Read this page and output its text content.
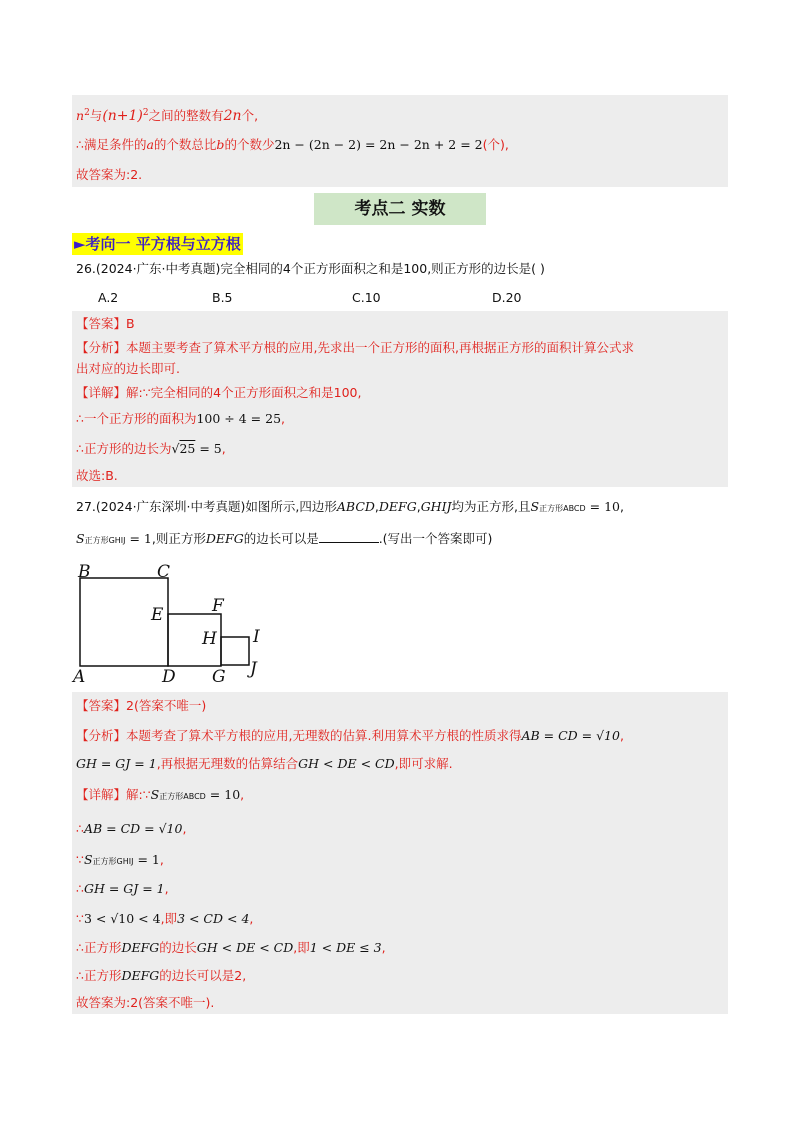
$n^2$与$(n+1)^2$之间的整数有2n个,
∴满足条件的a的个数总比b的个数少2n − (2n − 2) = 2n − 2n + 2 = 2(个),
故答案为:2.
考点二 实数
►考向一 平方根与立方根
26.(2024·广东·中考真题)完全相同的4个正方形面积之和是100,则正方形的边长是( )
A.2	B.5	C.10	D.20
【答案】B
【分析】本题主要考查了算术平方根的应用,先求出一个正方形的面积,再根据正方形的面积计算公式求
出对应的边长即可.
【详解】解:∵完全相同的4个正方形面积之和是100,
∴一个正方形的面积为100 ÷ 4 = 25,
∴正方形的边长为√25 = 5,
故选:B.
27.(2024·广东深圳·中考真题)如图所示,四边形ABCD,DEFG,GHIJ均为正方形,且S正方形ABCD = 10,
S正方形GHIJ = 1,则正方形DEFG的边长可以是	.(写出一个答案即可)
B	C
E	F
H I
A	D G J
【答案】2(答案不唯一)
【分析】本题考查了算术平方根的应用,无理数的估算.利用算术平方根的性质求得AB = CD = √10,
GH = GJ = 1,再根据无理数的估算结合GH < DE < CD,即可求解.
【详解】解:∵S正方形ABCD = 10,
∴AB = CD = √10,
∵S正方形GHIJ = 1,
∴GH = GJ = 1,
∵3 < √10 < 4,即3 < CD < 4,
∴正方形DEFG的边长GH < DE < CD,即1 < DE ≤ 3,
∴正方形DEFG的边长可以是2,
故答案为:2(答案不唯一).
